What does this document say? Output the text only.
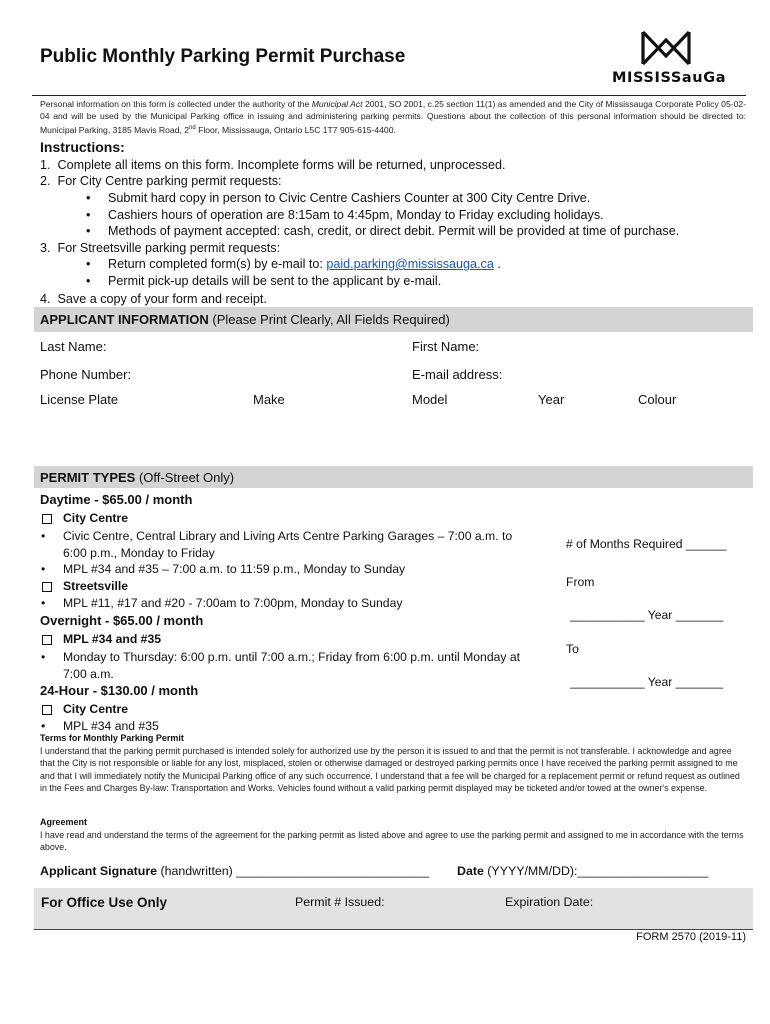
Public Monthly Parking Permit Purchase
MISSISSauGa
Personal information on this form is collected under the authority of the Municipal Act 2001, SO 2001, c.25 section 11(1) as amended and the City of Mississauga Corporate Policy 05-02-04 and will be used by the Municipal Parking office in issuing and administering parking permits. Questions about the collection of this personal information should be directed to: Municipal Parking, 3185 Mavis Road, 2nd Floor, Mississauga, Ontario L5C 1T7 905-615-4400.
Instructions:
1. Complete all items on this form. Incomplete forms will be returned, unprocessed.
2. For City Centre parking permit requests:
• Submit hard copy in person to Civic Centre Cashiers Counter at 300 City Centre Drive.
• Cashiers hours of operation are 8:15am to 4:45pm, Monday to Friday excluding holidays.
• Methods of payment accepted: cash, credit, or direct debit. Permit will be provided at time of purchase.
3. For Streetsville parking permit requests:
• Return completed form(s) by e-mail to: paid.parking@mississauga.ca .
• Permit pick-up details will be sent to the applicant by e-mail.
4. Save a copy of your form and receipt.
APPLICANT INFORMATION (Please Print Clearly, All Fields Required)
Last Name:	First Name:
Phone Number:	E-mail address:
License Plate	Make	Model	Year	Colour
PERMIT TYPES (Off-Street Only)
Daytime - $65.00 / month
City Centre
• Civic Centre, Central Library and Living Arts Centre Parking Garages – 7:00 a.m. to
6:00 p.m., Monday to Friday
• MPL #34 and #35 – 7:00 a.m. to 11:59 p.m., Monday to Sunday
Streetsville
• MPL #11, #17 and #20 - 7:00am to 7:00pm, Monday to Sunday
Overnight - $65.00 / month
MPL #34 and #35
• Monday to Thursday: 6:00 p.m. until 7:00 a.m.; Friday from 6:00 p.m. until Monday at
7:00 a.m.
24-Hour - $130.00 / month
City Centre
• MPL #34 and #35
# of Months Required ______
From
___________ Year _______
To
___________ Year _______
Terms for Monthly Parking Permit
I understand that the parking permit purchased is intended solely for authorized use by the person it is issued to and that the permit is not transferable. I acknowledge and agree that the City is not responsible or liable for any lost, misplaced, stolen or otherwise damaged or destroyed parking permits once I have received the parking permit assigned to me and that I will immediately notify the Municipal Parking office of any such occurrence. I understand that a fee will be charged for a replacement permit or refund request as outlined in the Fees and Charges By-law: Transportation and Works. Vehicles found without a valid parking permit displayed may be ticketed and/or towed at the owner's expense.
Agreement
I have read and understand the terms of the agreement for the parking permit as listed above and agree to use the parking permit and assigned to me in accordance with the terms above.
Applicant Signature (handwritten) ____________________________ Date (YYYY/MM/DD):___________________
For Office Use Only	Permit # Issued:	Expiration Date:
FORM 2570 (2019-11)
